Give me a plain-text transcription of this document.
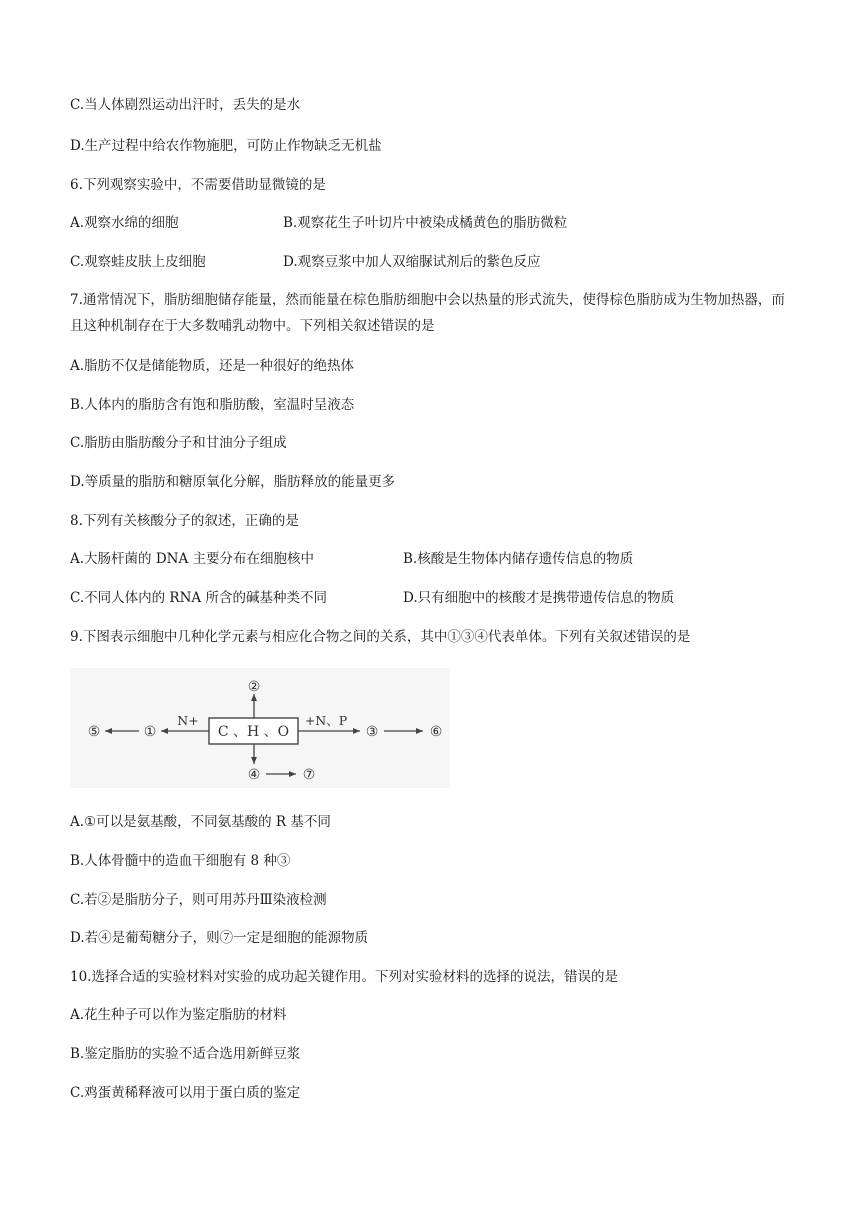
C.当人体剧烈运动出汗时，丢失的是水
D.生产过程中给农作物施肥，可防止作物缺乏无机盐
6.下列观察实验中，不需要借助显微镜的是
A.观察水绵的细胞	B.观察花生子叶切片中被染成橘黄色的脂肪微粒
C.观察蛙皮肤上皮细胞	D.观察豆浆中加人双缩脲试剂后的紫色反应
7.通常情况下，脂肪细胞储存能量，然而能量在棕色脂肪细胞中会以热量的形式流失，使得棕色脂肪成为生物加热器，而且这种机制存在于大多数哺乳动物中。下列相关叙述错误的是
A.脂肪不仅是储能物质，还是一种很好的绝热体
B.人体内的脂肪含有饱和脂肪酸，室温时呈液态
C.脂肪由脂肪酸分子和甘油分子组成
D.等质量的脂肪和糖原氧化分解，脂肪释放的能量更多
8.下列有关核酸分子的叙述，正确的是
A.大肠杆菌的 DNA 主要分布在细胞核中	B.核酸是生物体内储存遗传信息的物质
C.不同人体内的 RNA 所含的碱基种类不同	D.只有细胞中的核酸才是携带遗传信息的物质
9.下图表示细胞中几种化学元素与相应化合物之间的关系，其中①③④代表单体。下列有关叙述错误的是
C 、H 、O
②
N+
①
⑤
+N、P
③	⑥
④	⑦
A.①可以是氨基酸，不同氨基酸的 R 基不同
B.人体骨髓中的造血干细胞有 8 种③
C.若②是脂肪分子，则可用苏丹Ⅲ染液检测
D.若④是葡萄糖分子，则⑦一定是细胞的能源物质
10.选择合适的实验材料对实验的成功起关键作用。下列对实验材料的选择的说法，错误的是
A.花生种子可以作为鉴定脂肪的材料
B.鉴定脂肪的实验不适合选用新鲜豆浆
C.鸡蛋黄稀释液可以用于蛋白质的鉴定
